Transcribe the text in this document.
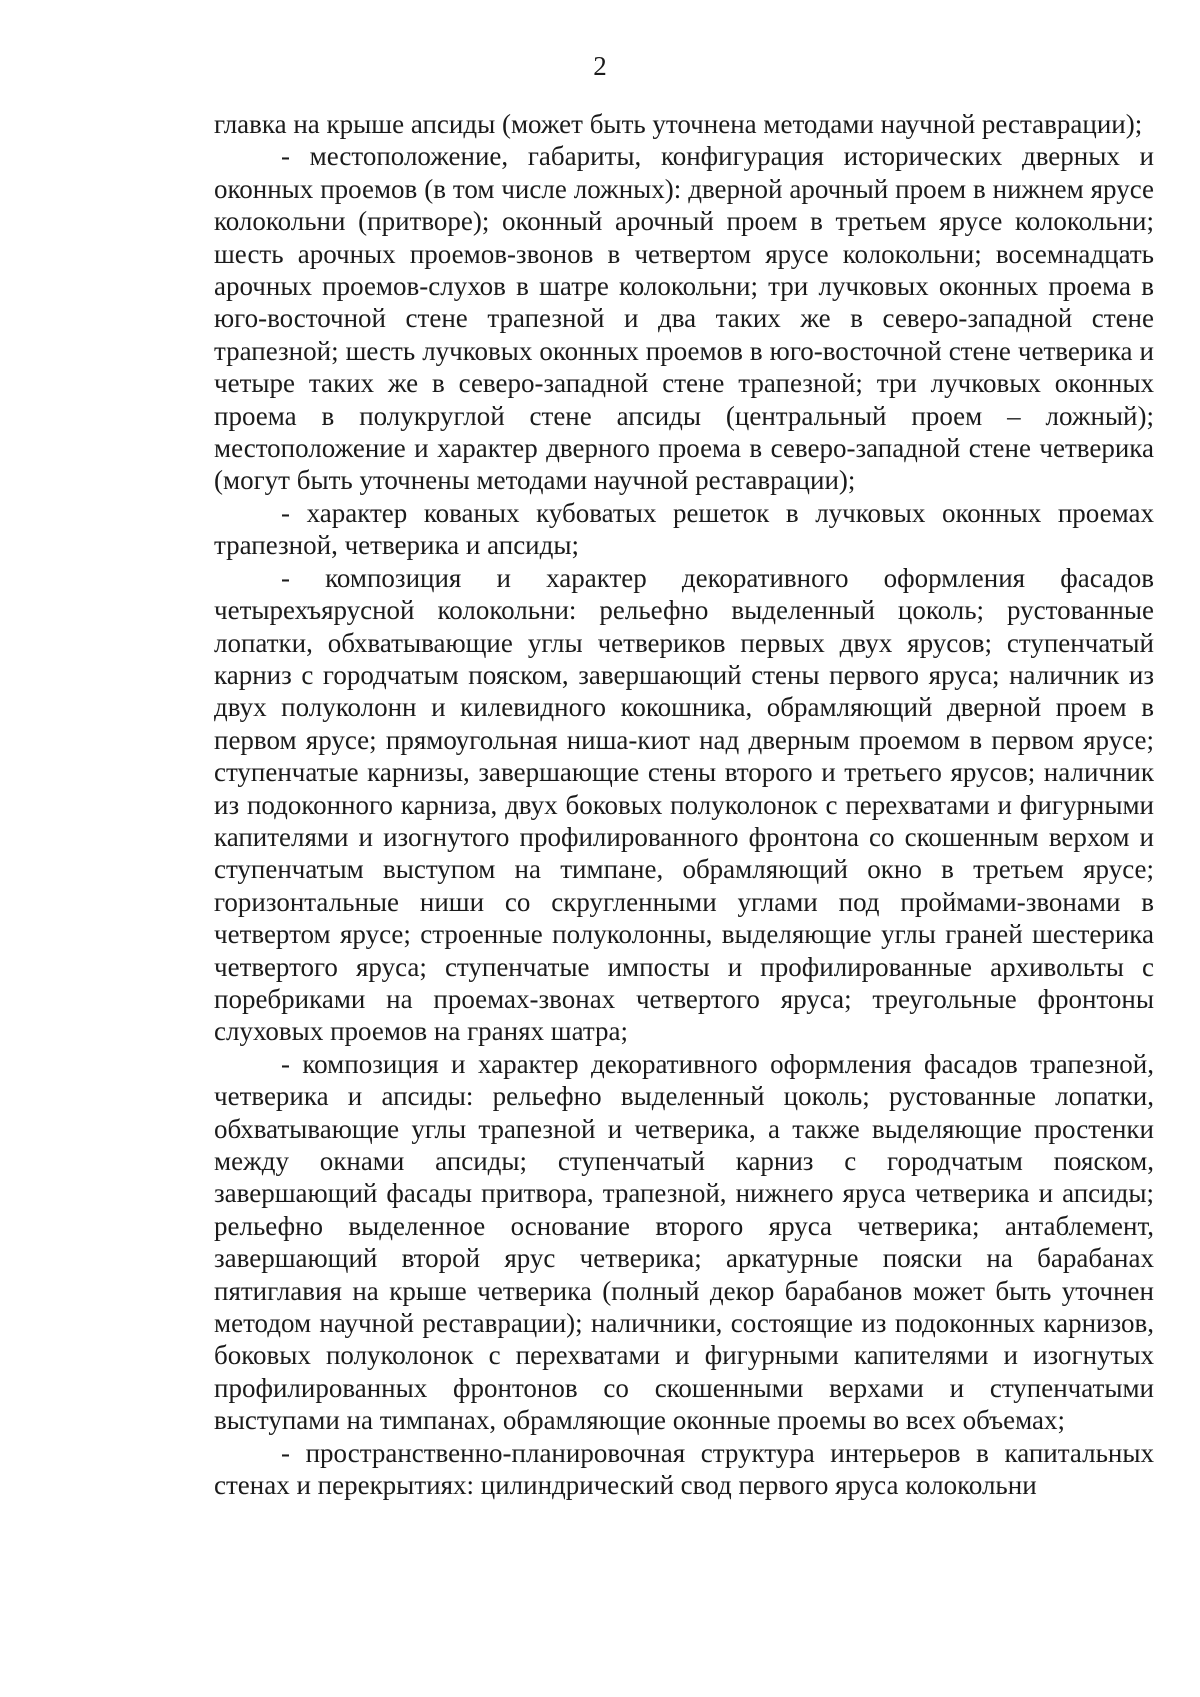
2

главка на крыше апсиды (может быть уточнена методами научной реставрации);

- местоположение, габариты, конфигурация исторических дверных и оконных проемов (в том числе ложных): дверной арочный проем в нижнем ярусе колокольни (притворе); оконный арочный проем в третьем ярусе колокольни; шесть арочных проемов-звонов в четвертом ярусе колокольни; восемнадцать арочных проемов-слухов в шатре колокольни; три лучковых оконных проема в юго-восточной стене трапезной и два таких же в северо-западной стене трапезной; шесть лучковых оконных проемов в юго-восточной стене четверика и четыре таких же в северо-западной стене трапезной; три лучковых оконных проема в полукруглой стене апсиды (центральный проем – ложный); местоположение и характер дверного проема в северо-западной стене четверика (могут быть уточнены методами научной реставрации);

- характер кованых кубоватых решеток в лучковых оконных проемах трапезной, четверика и апсиды;

- композиция и характер декоративного оформления фасадов четырехъярусной колокольни: рельефно выделенный цоколь; рустованные лопатки, обхватывающие углы четвериков первых двух ярусов; ступенчатый карниз с городчатым пояском, завершающий стены первого яруса; наличник из двух полуколонн и килевидного кокошника, обрамляющий дверной проем в первом ярусе; прямоугольная ниша-киот над дверным проемом в первом ярусе; ступенчатые карнизы, завершающие стены второго и третьего ярусов; наличник из подоконного карниза, двух боковых полуколонок с перехватами и фигурными капителями и изогнутого профилированного фронтона со скошенным верхом и ступенчатым выступом на тимпане, обрамляющий окно в третьем ярусе; горизонтальные ниши со скругленными углами под проймами-звонами в четвертом ярусе; строенные полуколонны, выделяющие углы граней шестерика четвертого яруса; ступенчатые импосты и профилированные архивольты с поребриками на проемах-звонах четвертого яруса; треугольные фронтоны слуховых проемов на гранях шатра;

- композиция и характер декоративного оформления фасадов трапезной, четверика и апсиды: рельефно выделенный цоколь; рустованные лопатки, обхватывающие углы трапезной и четверика, а также выделяющие простенки между окнами апсиды; ступенчатый карниз с городчатым пояском, завершающий фасады притвора, трапезной, нижнего яруса четверика и апсиды; рельефно выделенное основание второго яруса четверика; антаблемент, завершающий второй ярус четверика; аркатурные пояски на барабанах пятиглавия на крыше четверика (полный декор барабанов может быть уточнен методом научной реставрации); наличники, состоящие из подоконных карнизов, боковых полуколонок с перехватами и фигурными капителями и изогнутых профилированных фронтонов со скошенными верхами и ступенчатыми выступами на тимпанах, обрамляющие оконные проемы во всех объемах;

- пространственно-планировочная структура интерьеров в капитальных стенах и перекрытиях: цилиндрический свод первого яруса колокольни
